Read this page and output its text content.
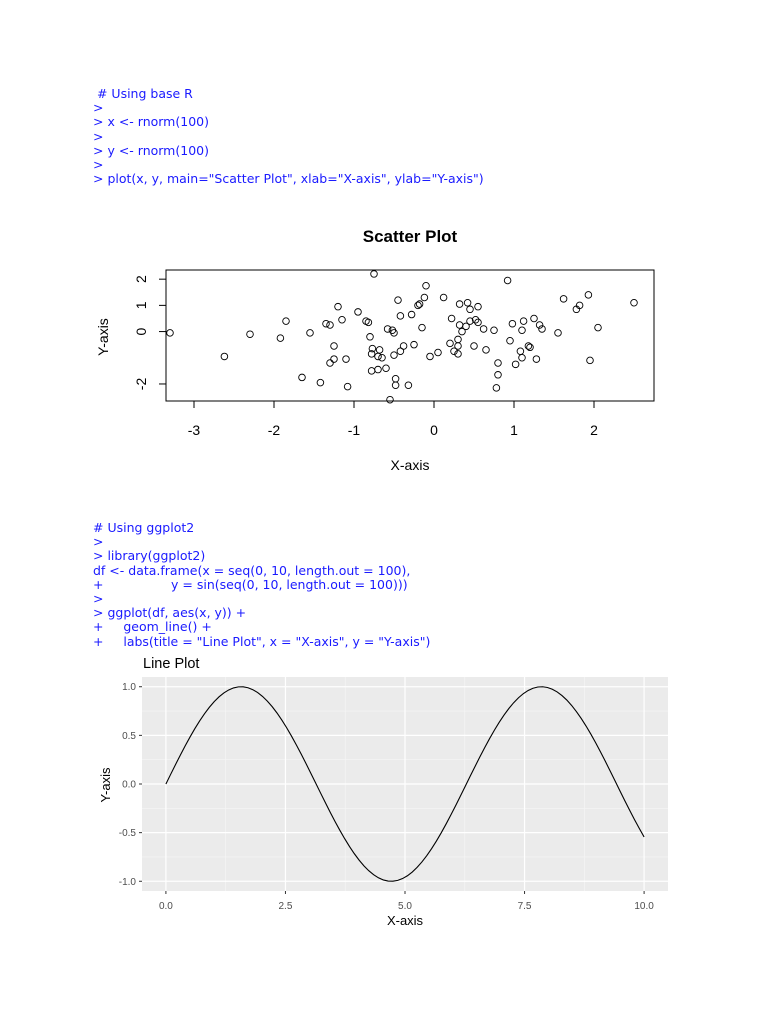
# Using base R
>
> x <- rnorm(100)
>
> y <- rnorm(100)
>
> plot(x, y, main="Scatter Plot", xlab="X-axis", ylab="Y-axis")
Scatter Plot
-3	-2	-1	0	1	2
-2
0
1
2
X-axis
Y-axis
# Using ggplot2
>
> library(ggplot2)
df <- data.frame(x = seq(0, 10, length.out = 100),
+                 y = sin(seq(0, 10, length.out = 100)))
>
> ggplot(df, aes(x, y)) +
+     geom_line() +
+     labs(title = "Line Plot", x = "X-axis", y = "Y-axis")
Line Plot
0.0	2.5	5.0	7.5	10.0
1.0
0.5
0.0
-0.5
-1.0
X-axis
Y-axis
